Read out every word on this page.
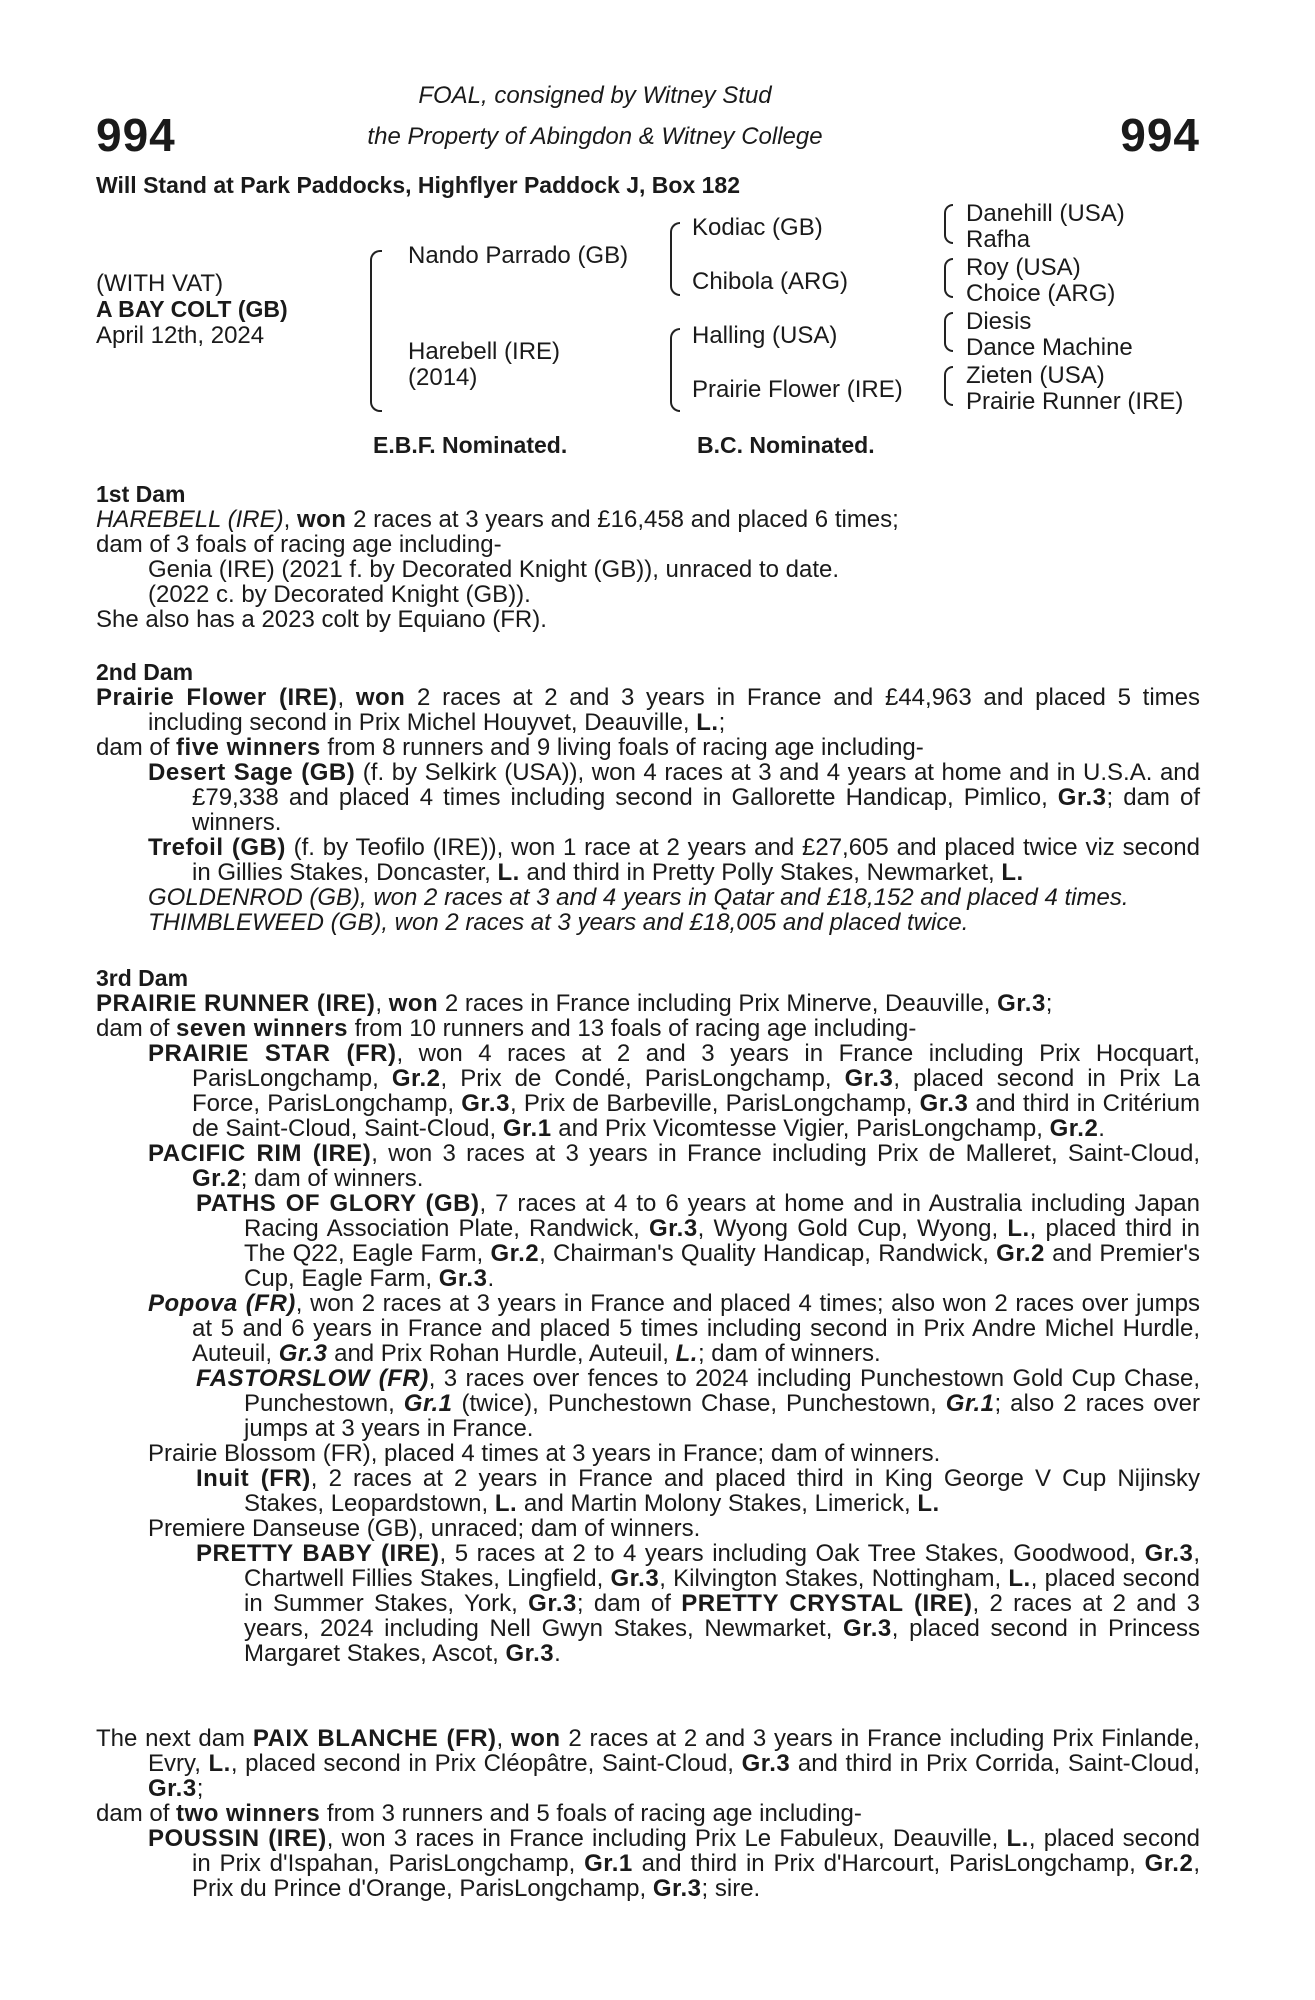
994	994
FOAL, consigned by Witney Stud
the Property of Abingdon & Witney College
Will Stand at Park Paddocks, Highflyer Paddock J, Box 182
(WITH VAT)
A BAY COLT (GB)
April 12th, 2024
Nando Parrado (GB)
Harebell (IRE)
(2014)
Kodiac (GB)
Chibola (ARG)
Halling (USA)
Prairie Flower (IRE)
Danehill (USA)
Rafha
Roy (USA)
Choice (ARG)
Diesis
Dance Machine
Zieten (USA)
Prairie Runner (IRE)
E.B.F. Nominated.	B.C. Nominated.

1st Dam

HAREBELL (IRE), won 2 races at 3 years and £16,458 and placed 6 times;

dam of 3 foals of racing age including-

Genia (IRE) (2021 f. by Decorated Knight (GB)), unraced to date.

(2022 c. by Decorated Knight (GB)).

She also has a 2023 colt by Equiano (FR).

2nd Dam

Prairie Flower (IRE), won 2 races at 2 and 3 years in France and £44,963 and placed 5 times including second in Prix Michel Houyvet, Deauville, L.;

dam of five winners from 8 runners and 9 living foals of racing age including-

Desert Sage (GB) (f. by Selkirk (USA)), won 4 races at 3 and 4 years at home and in U.S.A. and £79,338 and placed 4 times including second in Gallorette Handicap, Pimlico, Gr.3; dam of winners.

Trefoil (GB) (f. by Teofilo (IRE)), won 1 race at 2 years and £27,605 and placed twice viz second in Gillies Stakes, Doncaster, L. and third in Pretty Polly Stakes, Newmarket, L.

GOLDENROD (GB), won 2 races at 3 and 4 years in Qatar and £18,152 and placed 4 times.

THIMBLEWEED (GB), won 2 races at 3 years and £18,005 and placed twice.

3rd Dam

PRAIRIE RUNNER (IRE), won 2 races in France including Prix Minerve, Deauville, Gr.3;

dam of seven winners from 10 runners and 13 foals of racing age including-

PRAIRIE STAR (FR), won 4 races at 2 and 3 years in France including Prix Hocquart, ParisLongchamp, Gr.2, Prix de Condé, ParisLongchamp, Gr.3, placed second in Prix La Force, ParisLongchamp, Gr.3, Prix de Barbeville, ParisLongchamp, Gr.3 and third in Critérium de Saint-Cloud, Saint-Cloud, Gr.1 and Prix Vicomtesse Vigier, ParisLongchamp, Gr.2.

PACIFIC RIM (IRE), won 3 races at 3 years in France including Prix de Malleret, Saint-Cloud, Gr.2; dam of winners.

PATHS OF GLORY (GB), 7 races at 4 to 6 years at home and in Australia including Japan Racing Association Plate, Randwick, Gr.3, Wyong Gold Cup, Wyong, L., placed third in The Q22, Eagle Farm, Gr.2, Chairman's Quality Handicap, Randwick, Gr.2 and Premier's Cup, Eagle Farm, Gr.3.

Popova (FR), won 2 races at 3 years in France and placed 4 times; also won 2 races over jumps at 5 and 6 years in France and placed 5 times including second in Prix Andre Michel Hurdle, Auteuil, Gr.3 and Prix Rohan Hurdle, Auteuil, L.; dam of winners.

FASTORSLOW (FR), 3 races over fences to 2024 including Punchestown Gold Cup Chase, Punchestown, Gr.1 (twice), Punchestown Chase, Punchestown, Gr.1; also 2 races over jumps at 3 years in France.

Prairie Blossom (FR), placed 4 times at 3 years in France; dam of winners.

Inuit (FR), 2 races at 2 years in France and placed third in King George V Cup Nijinsky Stakes, Leopardstown, L. and Martin Molony Stakes, Limerick, L.

Premiere Danseuse (GB), unraced; dam of winners.

PRETTY BABY (IRE), 5 races at 2 to 4 years including Oak Tree Stakes, Goodwood, Gr.3, Chartwell Fillies Stakes, Lingfield, Gr.3, Kilvington Stakes, Nottingham, L., placed second in Summer Stakes, York, Gr.3; dam of PRETTY CRYSTAL (IRE), 2 races at 2 and 3 years, 2024 including Nell Gwyn Stakes, Newmarket, Gr.3, placed second in Princess Margaret Stakes, Ascot, Gr.3.

The next dam PAIX BLANCHE (FR), won 2 races at 2 and 3 years in France including Prix Finlande, Evry, L., placed second in Prix Cléopâtre, Saint-Cloud, Gr.3 and third in Prix Corrida, Saint-Cloud, Gr.3;

dam of two winners from 3 runners and 5 foals of racing age including-

POUSSIN (IRE), won 3 races in France including Prix Le Fabuleux, Deauville, L., placed second in Prix d'Ispahan, ParisLongchamp, Gr.1 and third in Prix d'Harcourt, ParisLongchamp, Gr.2, Prix du Prince d'Orange, ParisLongchamp, Gr.3; sire.
